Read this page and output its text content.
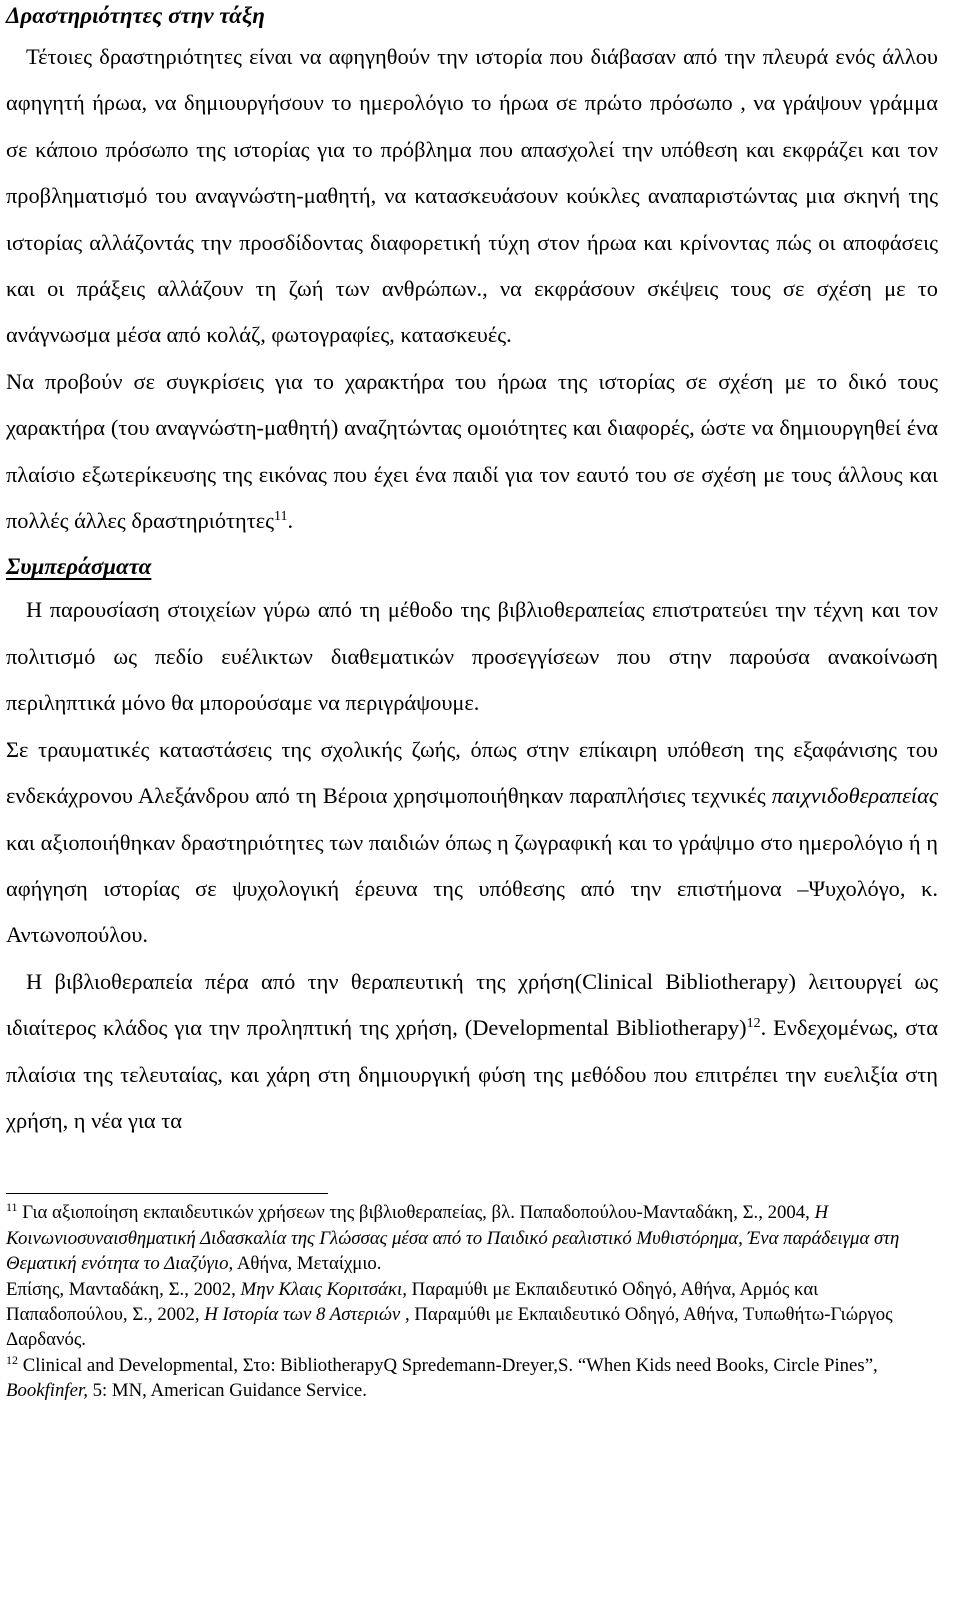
Δραστηριότητες στην τάξη

Τέτοιες δραστηριότητες είναι να αφηγηθούν την ιστορία που διάβασαν από την πλευρά ενός άλλου αφηγητή ήρωα, να δημιουργήσουν το ημερολόγιο το ήρωα σε πρώτο πρόσωπο , να γράψουν γράμμα σε κάποιο πρόσωπο της ιστορίας για το πρόβλημα που απασχολεί την υπόθεση και εκφράζει και τον προβληματισμό του αναγνώστη-μαθητή, να κατασκευάσουν κούκλες αναπαριστώντας μια σκηνή της ιστορίας αλλάζοντάς την προσδίδοντας διαφορετική τύχη στον ήρωα και κρίνοντας πώς οι αποφάσεις και οι πράξεις αλλάζουν τη ζωή των ανθρώπων., να εκφράσουν σκέψεις τους σε σχέση με το ανάγνωσμα μέσα από κολάζ, φωτογραφίες, κατασκευές.

Να προβούν σε συγκρίσεις για το χαρακτήρα του ήρωα της ιστορίας σε σχέση με το δικό τους χαρακτήρα (του αναγνώστη-μαθητή) αναζητώντας ομοιότητες και διαφορές, ώστε να δημιουργηθεί ένα πλαίσιο εξωτερίκευσης της εικόνας που έχει ένα παιδί για τον εαυτό του σε σχέση με τους άλλους και πολλές άλλες δραστηριότητες$^{11}$.

Συμπεράσματα

Η παρουσίαση στοιχείων γύρω από τη μέθοδο της βιβλιοθεραπείας επιστρατεύει την τέχνη και τον πολιτισμό ως πεδίο ευέλικτων διαθεματικών προσεγγίσεων που στην παρούσα ανακοίνωση περιληπτικά μόνο θα μπορούσαμε να περιγράψουμε.

Σε τραυματικές καταστάσεις της σχολικής ζωής, όπως στην επίκαιρη υπόθεση της εξαφάνισης του ενδεκάχρονου Αλεξάνδρου από τη Βέροια χρησιμοποιήθηκαν παραπλήσιες τεχνικές παιχνιδοθεραπείας και αξιοποιήθηκαν δραστηριότητες των παιδιών όπως η ζωγραφική και το γράψιμο στο ημερολόγιο ή η αφήγηση ιστορίας σε ψυχολογική έρευνα της υπόθεσης από την επιστήμονα –Ψυχολόγο, κ. Αντωνοπούλου.

Η βιβλιοθεραπεία πέρα από την θεραπευτική της χρήση(Clinical Bibliotherapy) λειτουργεί ως ιδιαίτερος κλάδος για την προληπτική της χρήση, (Developmental Bibliotherapy)$^{12}$. Ενδεχομένως, στα πλαίσια της τελευταίας, και χάρη στη δημιουργική φύση της μεθόδου που επιτρέπει την ευελιξία στη χρήση, η νέα για τα

$^{11}$ Για αξιοποίηση εκπαιδευτικών χρήσεων της βιβλιοθεραπείας, βλ. Παπαδοπούλου-Μανταδάκη, Σ., 2004, Η Κοινωνιοσυναισθηματική Διδασκαλία της Γλώσσας μέσα από το Παιδικό ρεαλιστικό Μυθιστόρημα, Ένα παράδειγμα στη Θεματική ενότητα το Διαζύγιο, Αθήνα, Μεταίχμιο.

Επίσης, Μανταδάκη, Σ., 2002, Μην Κλαις Κοριτσάκι, Παραμύθι με Εκπαιδευτικό Οδηγό, Αθήνα, Αρμός και Παπαδοπούλου, Σ., 2002, Η Ιστορία των 8 Αστεριών , Παραμύθι με Εκπαιδευτικό Οδηγό, Αθήνα, Τυπωθήτω-Γιώργος Δαρδανός.

$^{12}$ Clinical and Developmental, Στο: BibliotherapyQ Spredemann-Dreyer,S. “When Kids need Books, Circle Pines”, Bookfinfer, 5: MN, American Guidance Service.
